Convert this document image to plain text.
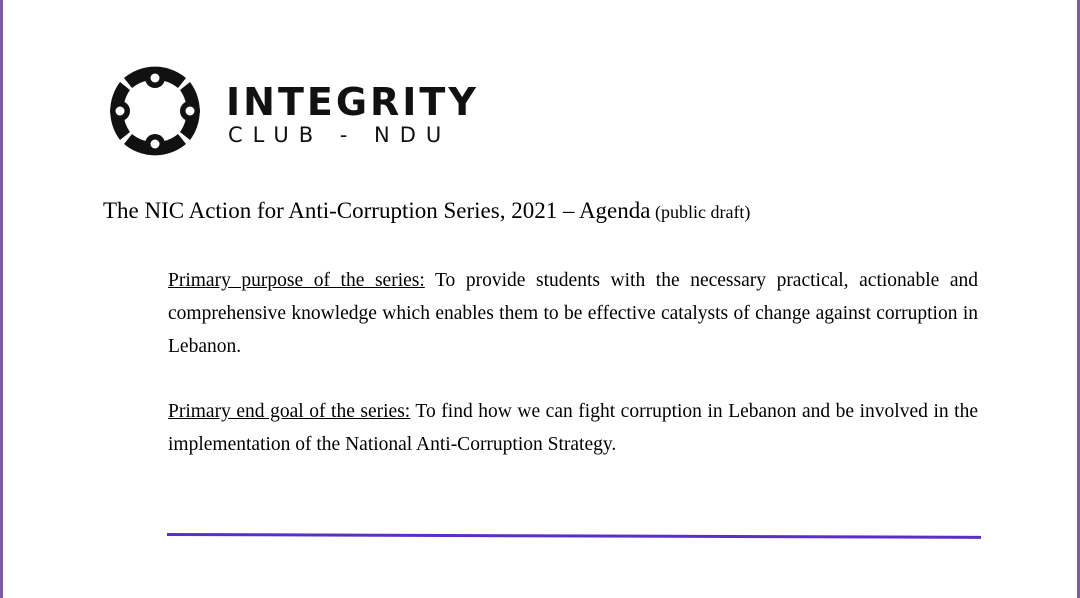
INTEGRITY
CLUB - NDU
The NIC Action for Anti-Corruption Series, 2021 – Agenda (public draft)
Primary purpose of the series: To provide students with the necessary practical, actionable and comprehensive knowledge which enables them to be effective catalysts of change against corruption in Lebanon.
Primary end goal of the series: To find how we can fight corruption in Lebanon and be involved in the implementation of the National Anti-Corruption Strategy.
